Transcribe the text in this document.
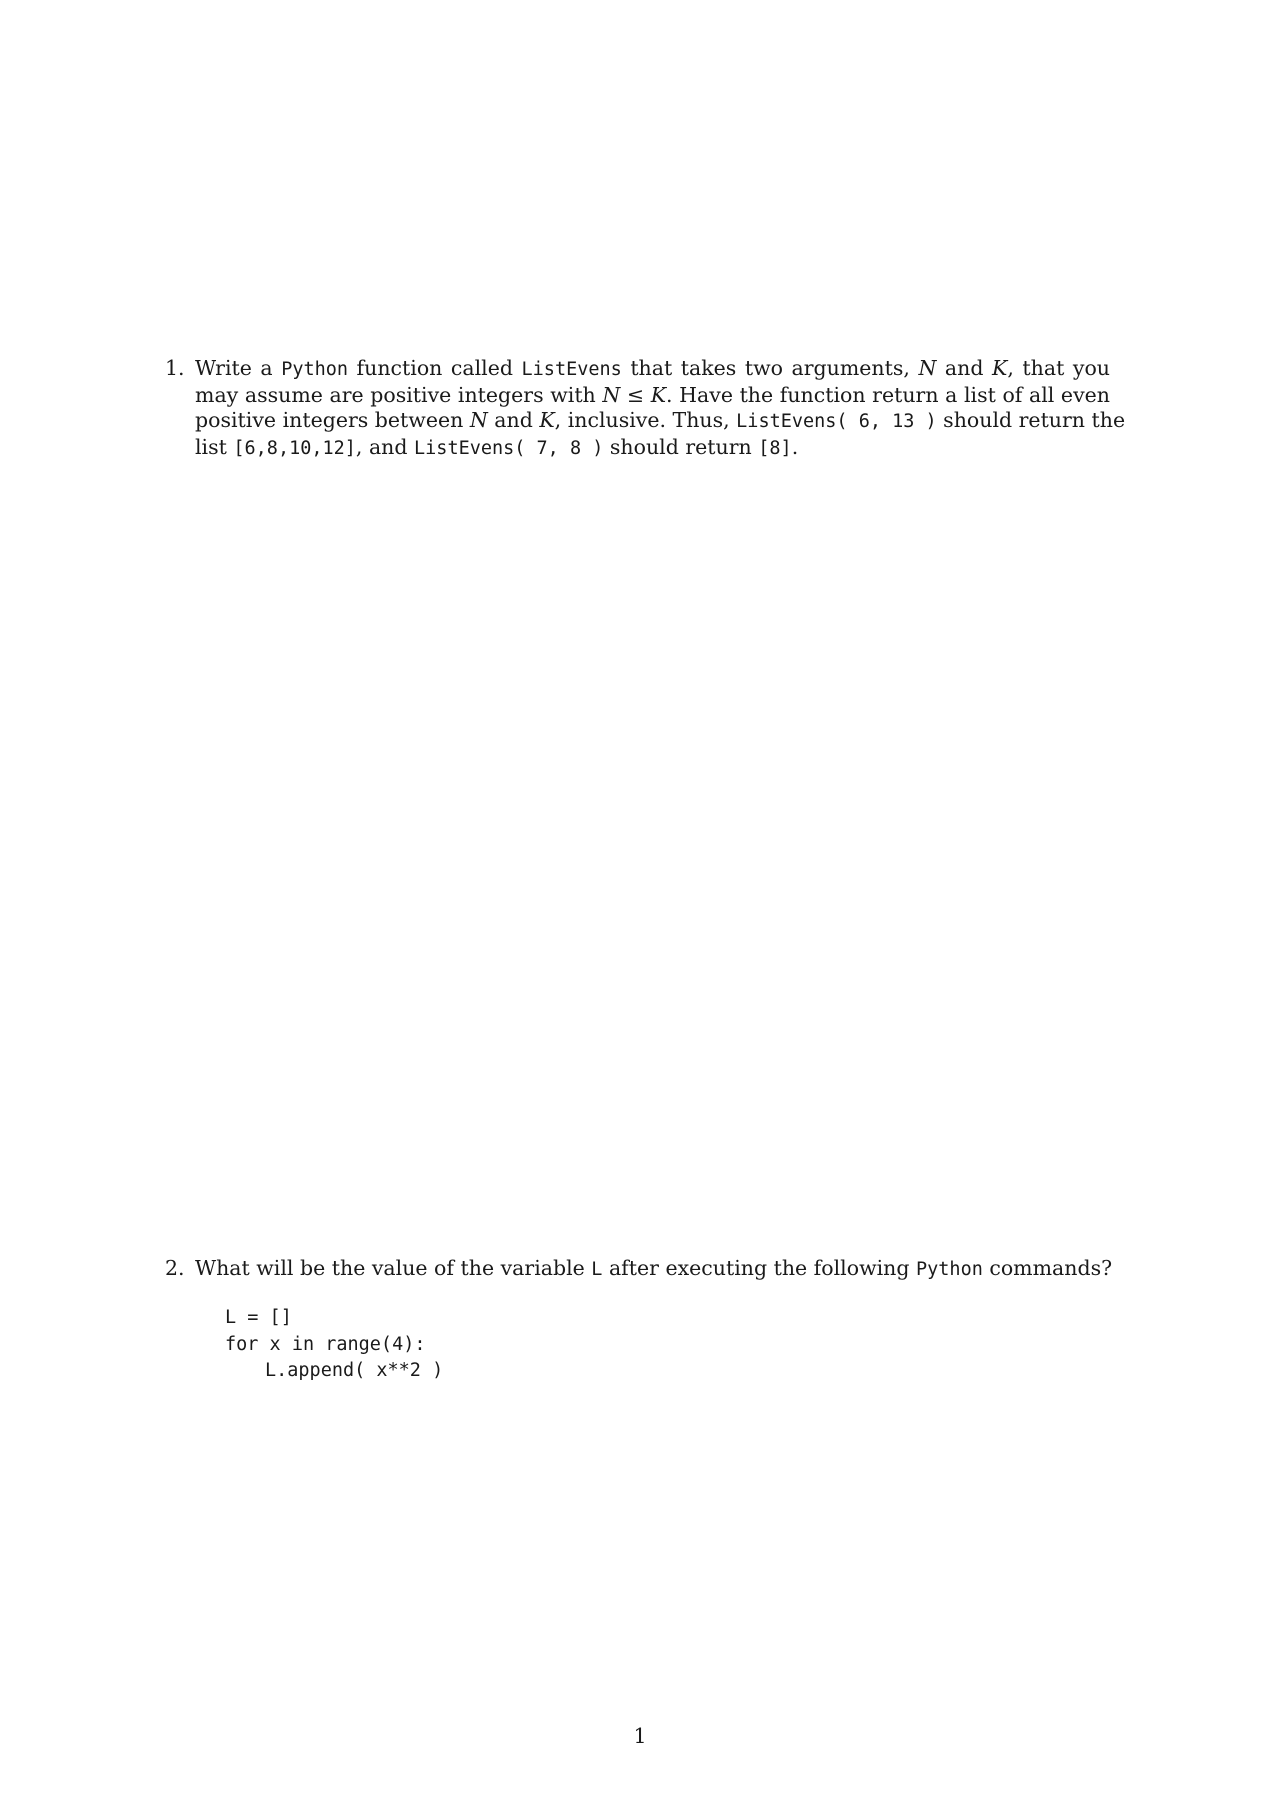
1. Write a Python function called ListEvens that takes two arguments, N and K, that you
may assume are positive integers with N ≤ K. Have the function return a list of all even
positive integers between N and K, inclusive. Thus, ListEvens( 6, 13 ) should return the
list [6,8,10,12], and ListEvens( 7, 8 ) should return [8].
2. What will be the value of the variable L after executing the following Python commands?
L = []
for x in range(4):
L.append( x**2 )
1
